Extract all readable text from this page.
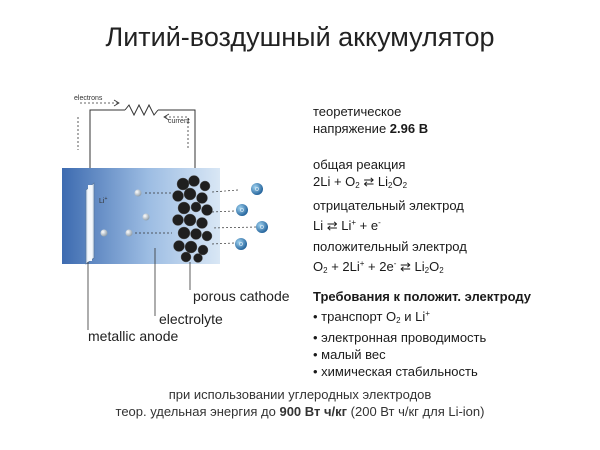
Литий-воздушный аккумулятор
electrons
current
Li+
O
O
O
O
porous cathode
electrolyte
metallic anode
теоретическое
напряжение 2.96 В
общая реакция
$2Li + O_2$ ⇄ $Li_2O_2$
отрицательный электрод
Li ⇄ Li+ + e-
положительный электрод
$O_2 + 2Li^+ + 2e^-$ ⇄ $Li_2O_2$
Требования к положит. электроду
• транспорт $O_2$ и Li+
• электронная проводимость
• малый вес
• химическая стабильность
при использовании углеродных электродов
теор. удельная энергия до 900 Вт ч/кг (200 Вт ч/кг для Li-ion)
